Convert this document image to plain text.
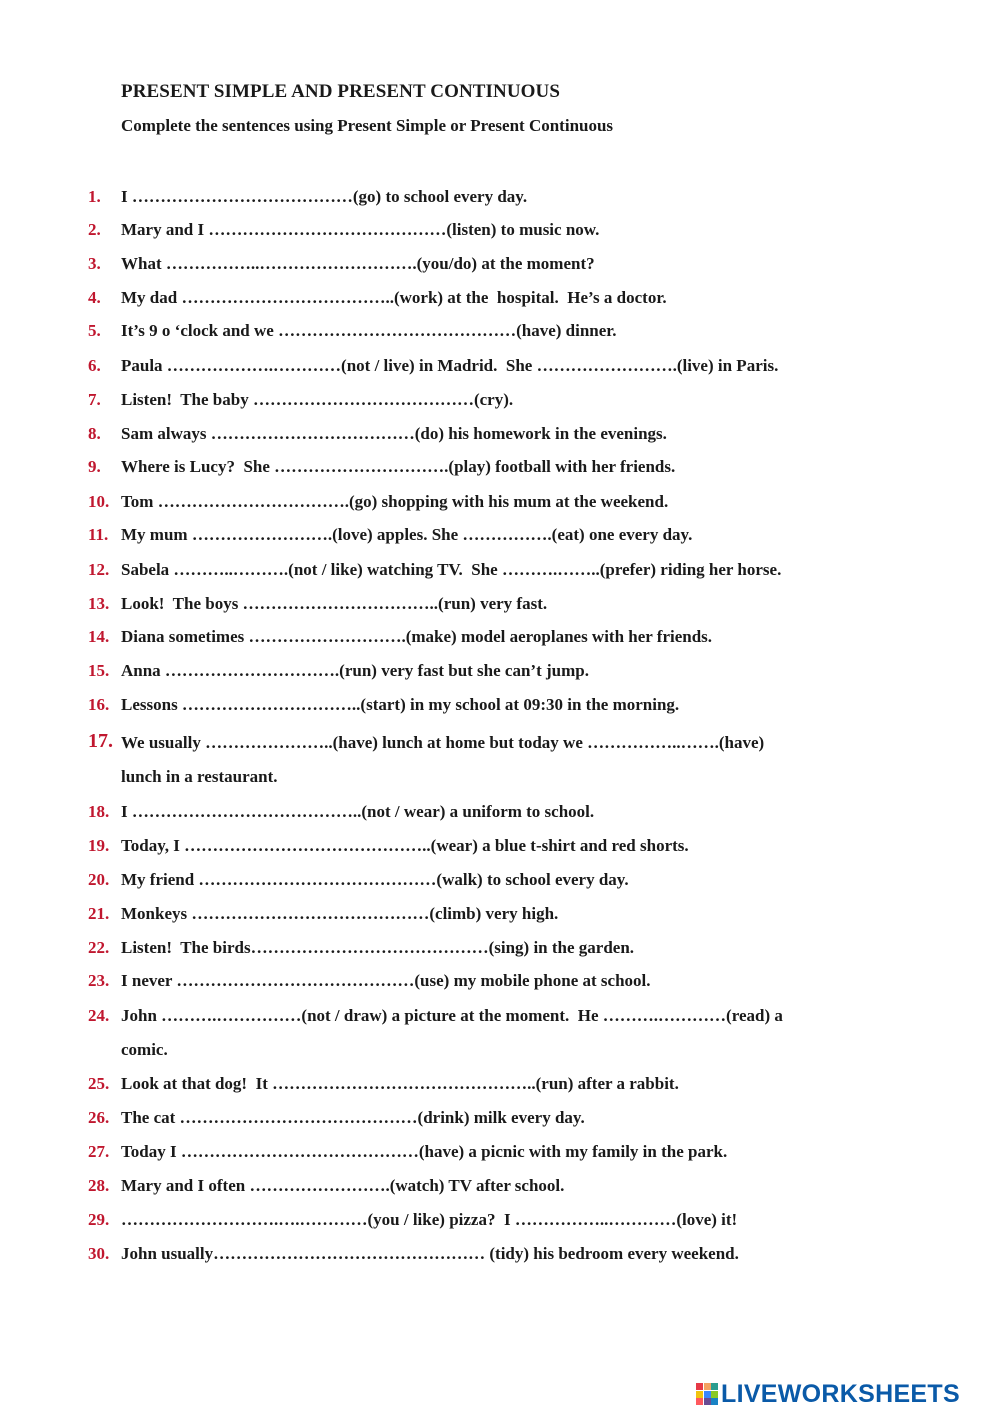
PRESENT SIMPLE AND PRESENT CONTINUOUS
Complete the sentences using Present Simple or Present Continuous
1.	I …………………………………(go) to school every day.
2.	Mary and I ……………………………………(listen) to music now.
3.	What ……………..……………………….(you/do) at the moment?
4.	My dad ………………………………..(work) at the  hospital.  He’s a doctor.
5.	It’s 9 o ‘clock and we ……………………………………(have) dinner.
6.	Paula ……………….…………(not / live) in Madrid.  She …………………….(live) in Paris.
7.	Listen!  The baby …………………………………(cry).
8.	Sam always ………………………………(do) his homework in the evenings.
9.	Where is Lucy?  She ………………………….(play) football with her friends.
10. Tom …………………………….(go) shopping with his mum at the weekend.
11. My mum …………………….(love) apples. She …………….(eat) one every day.
12. Sabela ………..……….(not / like) watching TV.  She ……….……..(prefer) riding her horse.
13. Look!  The boys ……………………………..(run) very fast.
14. Diana sometimes ……………………….(make) model aeroplanes with her friends.
15. Anna ………………………….(run) very fast but she can’t jump.
16. Lessons …………………………..(start) in my school at 09:30 in the morning.
17. We usually …………………..(have) lunch at home but today we ……………..…….(have)
lunch in a restaurant.
18. I …………………………………..(not / wear) a uniform to school.
19. Today, I ……………………………………..(wear) a blue t-shirt and red shorts.
20. My friend ……………………………………(walk) to school every day.
21. Monkeys ……………………………………(climb) very high.
22. Listen!  The birds……………………………………(sing) in the garden.
23. I never ……………………………………(use) my mobile phone at school.
24. John ……….……………(not / draw) a picture at the moment.  He ……….…………(read) a
comic.
25. Look at that dog!  It ………………………………………..(run) after a rabbit.
26. The cat ……………………………………(drink) milk every day.
27. Today I ……………………………………(have) a picnic with my family in the park.
28. Mary and I often …………………….(watch) TV after school.
29. ……………………….….…………(you / like) pizza?  I ……………..…………(love) it!
30. John usually………………………………………… (tidy) his bedroom every weekend.
LIVEWORKSHEETS
